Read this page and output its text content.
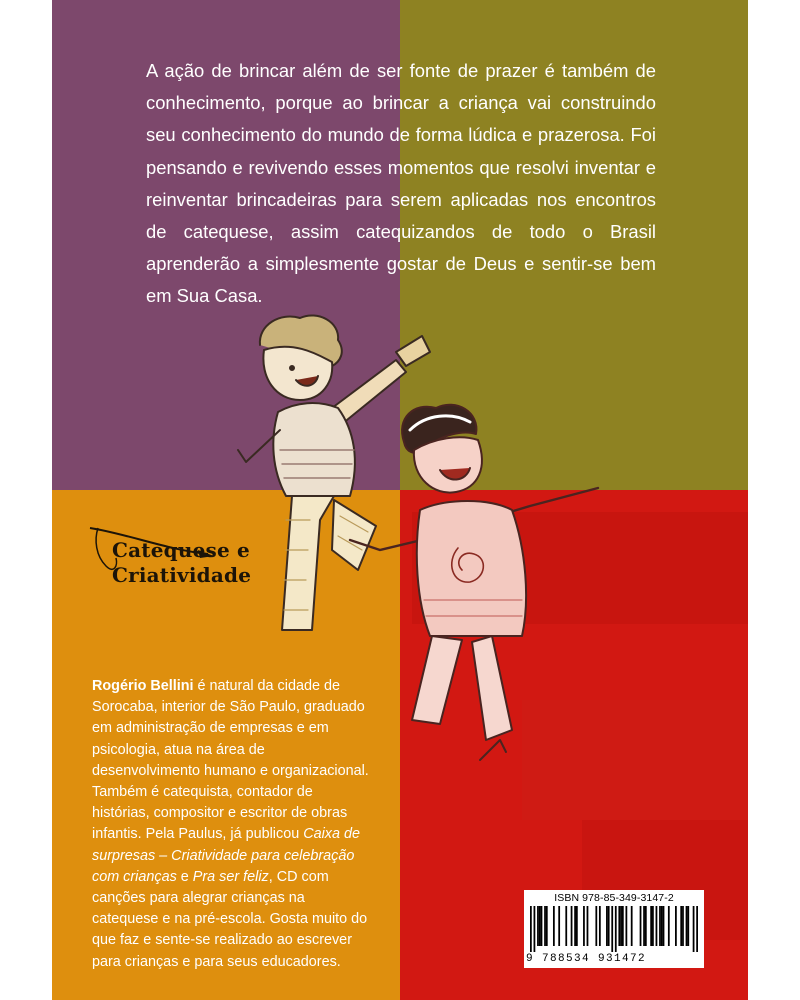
A ação de brincar além de ser fonte de prazer é também de conhecimento, porque ao brincar a criança vai construindo seu conhecimento do mundo de forma lúdica e prazerosa. Foi pensando e revivendo esses momentos que resolvi inventar e reinventar brincadeiras para serem aplicadas nos encontros de catequese, assim catequizandos de todo o Brasil aprenderão a simplesmente gostar de Deus e sentir-se bem em Sua Casa.

Catequese e
Criatividade

Rogério Bellini é natural da cidade de Sorocaba, interior de São Paulo, graduado em administração de empresas e em psicologia, atua na área de desenvolvimento humano e organizacional. Também é catequista, contador de histórias, compositor e escritor de obras infantis. Pela Paulus, já publicou Caixa de surpresas – Criatividade para celebração com crianças e Pra ser feliz, CD com canções para alegrar crianças na catequese e na pré-escola. Gosta muito do que faz e sente-se realizado ao escrever para crianças e para seus educadores.

ISBN 978-85-349-3147-2
9 788534 931472
